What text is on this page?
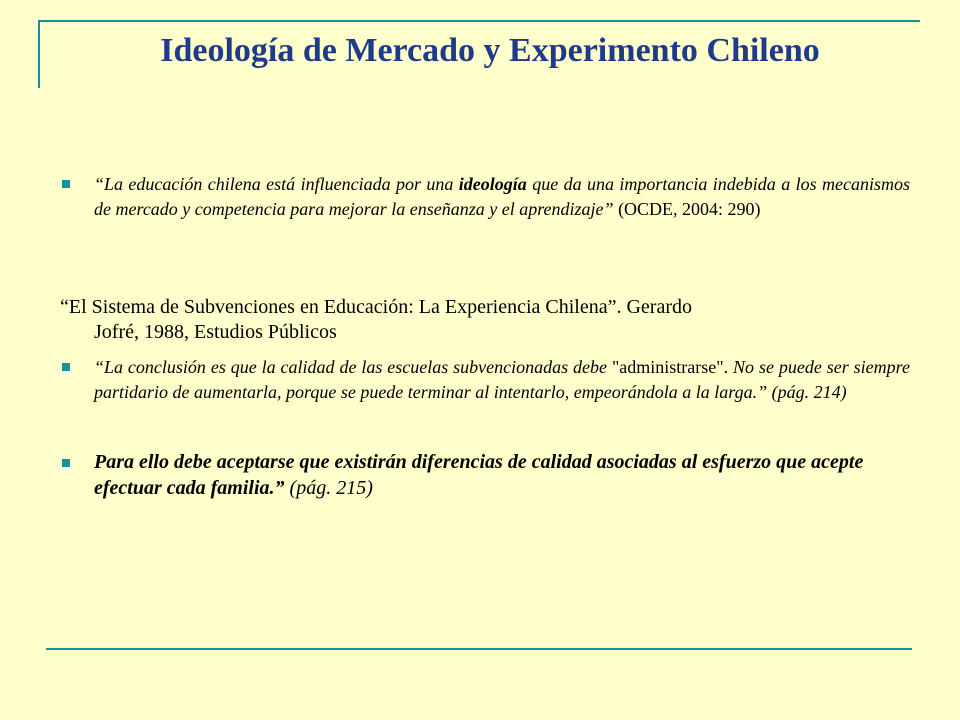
Ideología de Mercado y Experimento Chileno

“La educación chilena está influenciada por una ideología que da una importancia indebida a los mecanismos de mercado y competencia para mejorar la enseñanza y el aprendizaje” (OCDE, 2004: 290)

“El Sistema de Subvenciones en Educación: La Experiencia Chilena”. Gerardo
Jofré, 1988, Estudios Públicos

“La conclusión es que la calidad de las escuelas subvencionadas debe "administrarse". No se puede ser siempre partidario de aumentarla, porque se puede terminar al intentarlo, empeorándola a la larga.” (pág. 214)

Para ello debe aceptarse que existirán diferencias de calidad asociadas al esfuerzo que acepte efectuar cada familia.” (pág. 215)
